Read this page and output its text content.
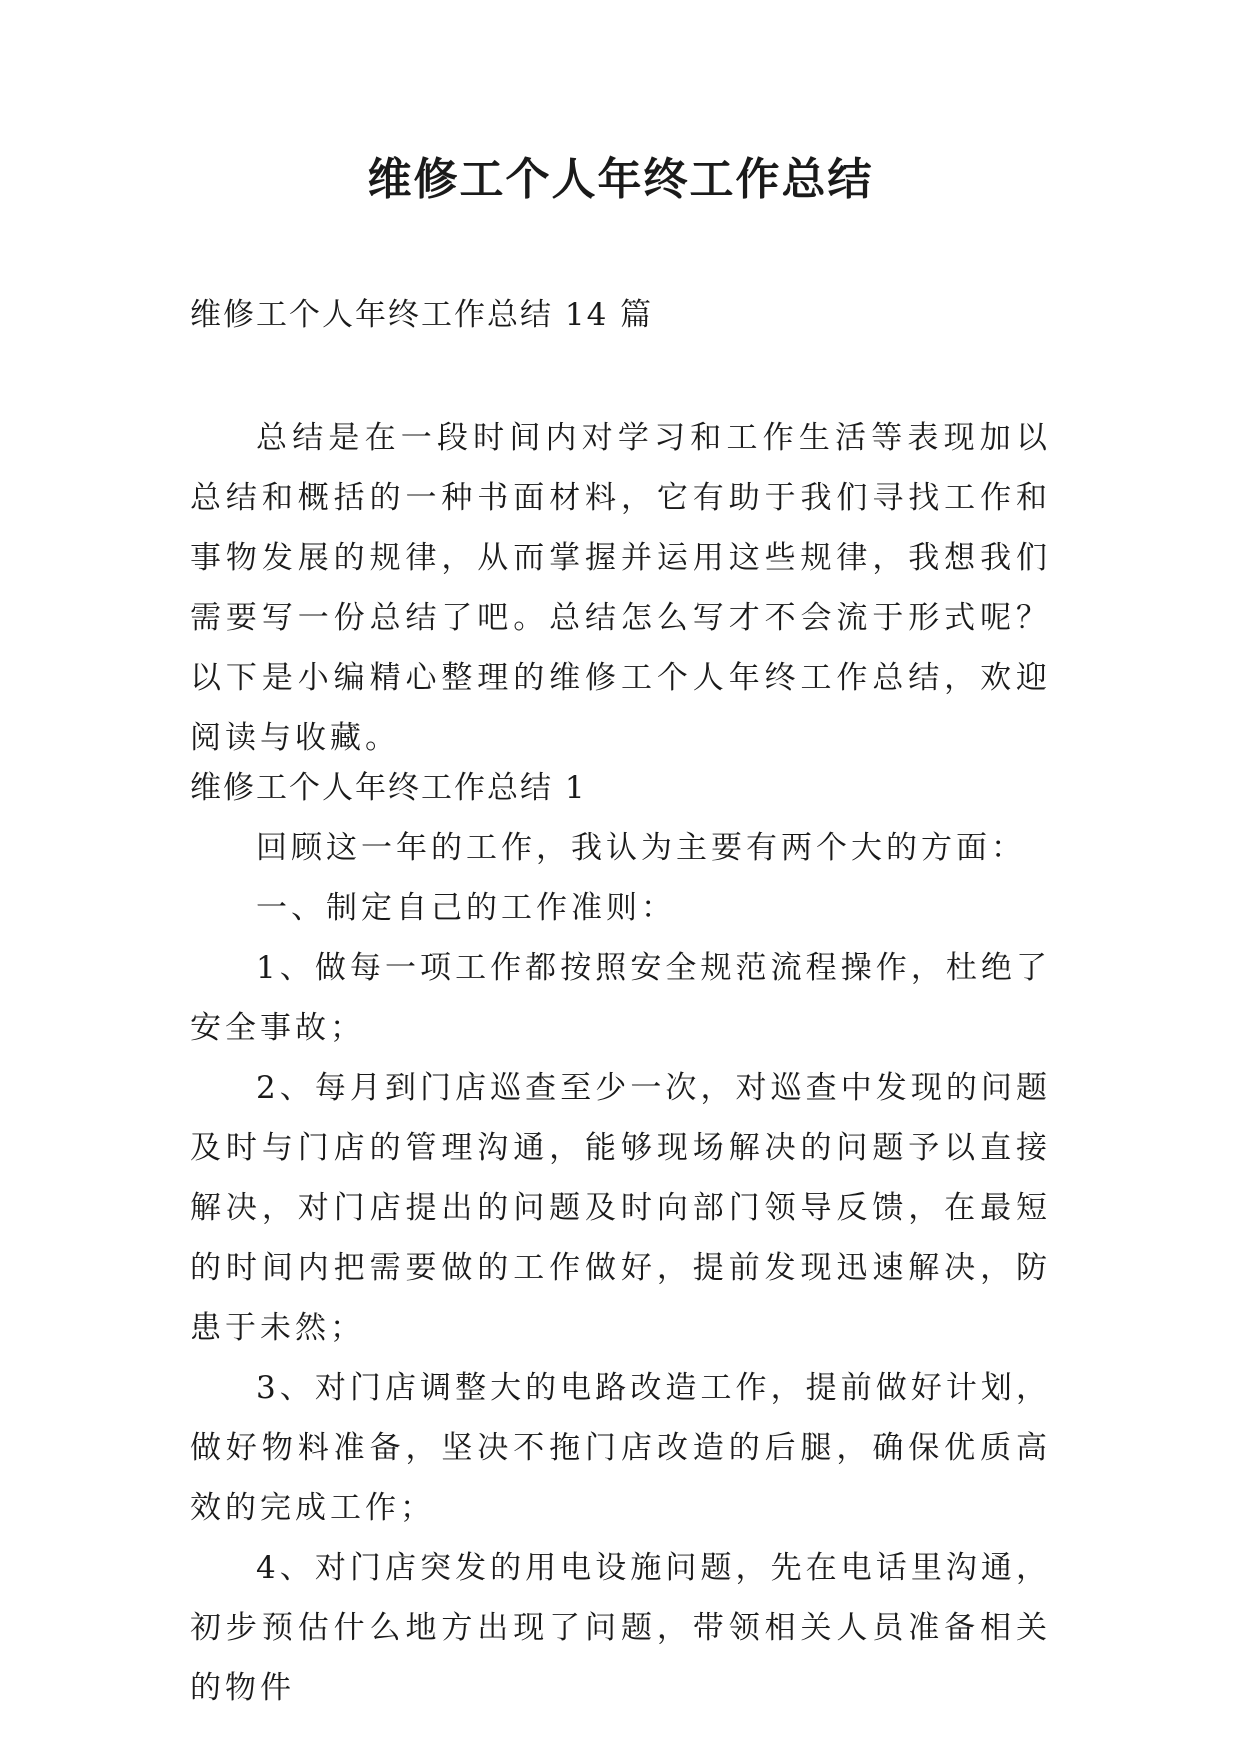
维修工个人年终工作总结

维修工个人年终工作总结 14 篇

总结是在一段时间内对学习和工作生活等表现加以总结和概括的一种书面材料，它有助于我们寻找工作和事物发展的规律，从而掌握并运用这些规律，我想我们需要写一份总结了吧。总结怎么写才不会流于形式呢？以下是小编精心整理的维修工个人年终工作总结，欢迎阅读与收藏。

维修工个人年终工作总结 1

回顾这一年的工作，我认为主要有两个大的方面：

一、制定自己的工作准则：

1、做每一项工作都按照安全规范流程操作，杜绝了安全事故；

2、每月到门店巡查至少一次，对巡查中发现的问题及时与门店的管理沟通，能够现场解决的问题予以直接解决，对门店提出的问题及时向部门领导反馈，在最短的时间内把需要做的工作做好，提前发现迅速解决，防患于未然；

3、对门店调整大的电路改造工作，提前做好计划，做好物料准备，坚决不拖门店改造的后腿，确保优质高效的完成工作；

4、对门店突发的用电设施问题，先在电话里沟通，初步预估什么地方出现了问题，带领相关人员准备相关的物件
